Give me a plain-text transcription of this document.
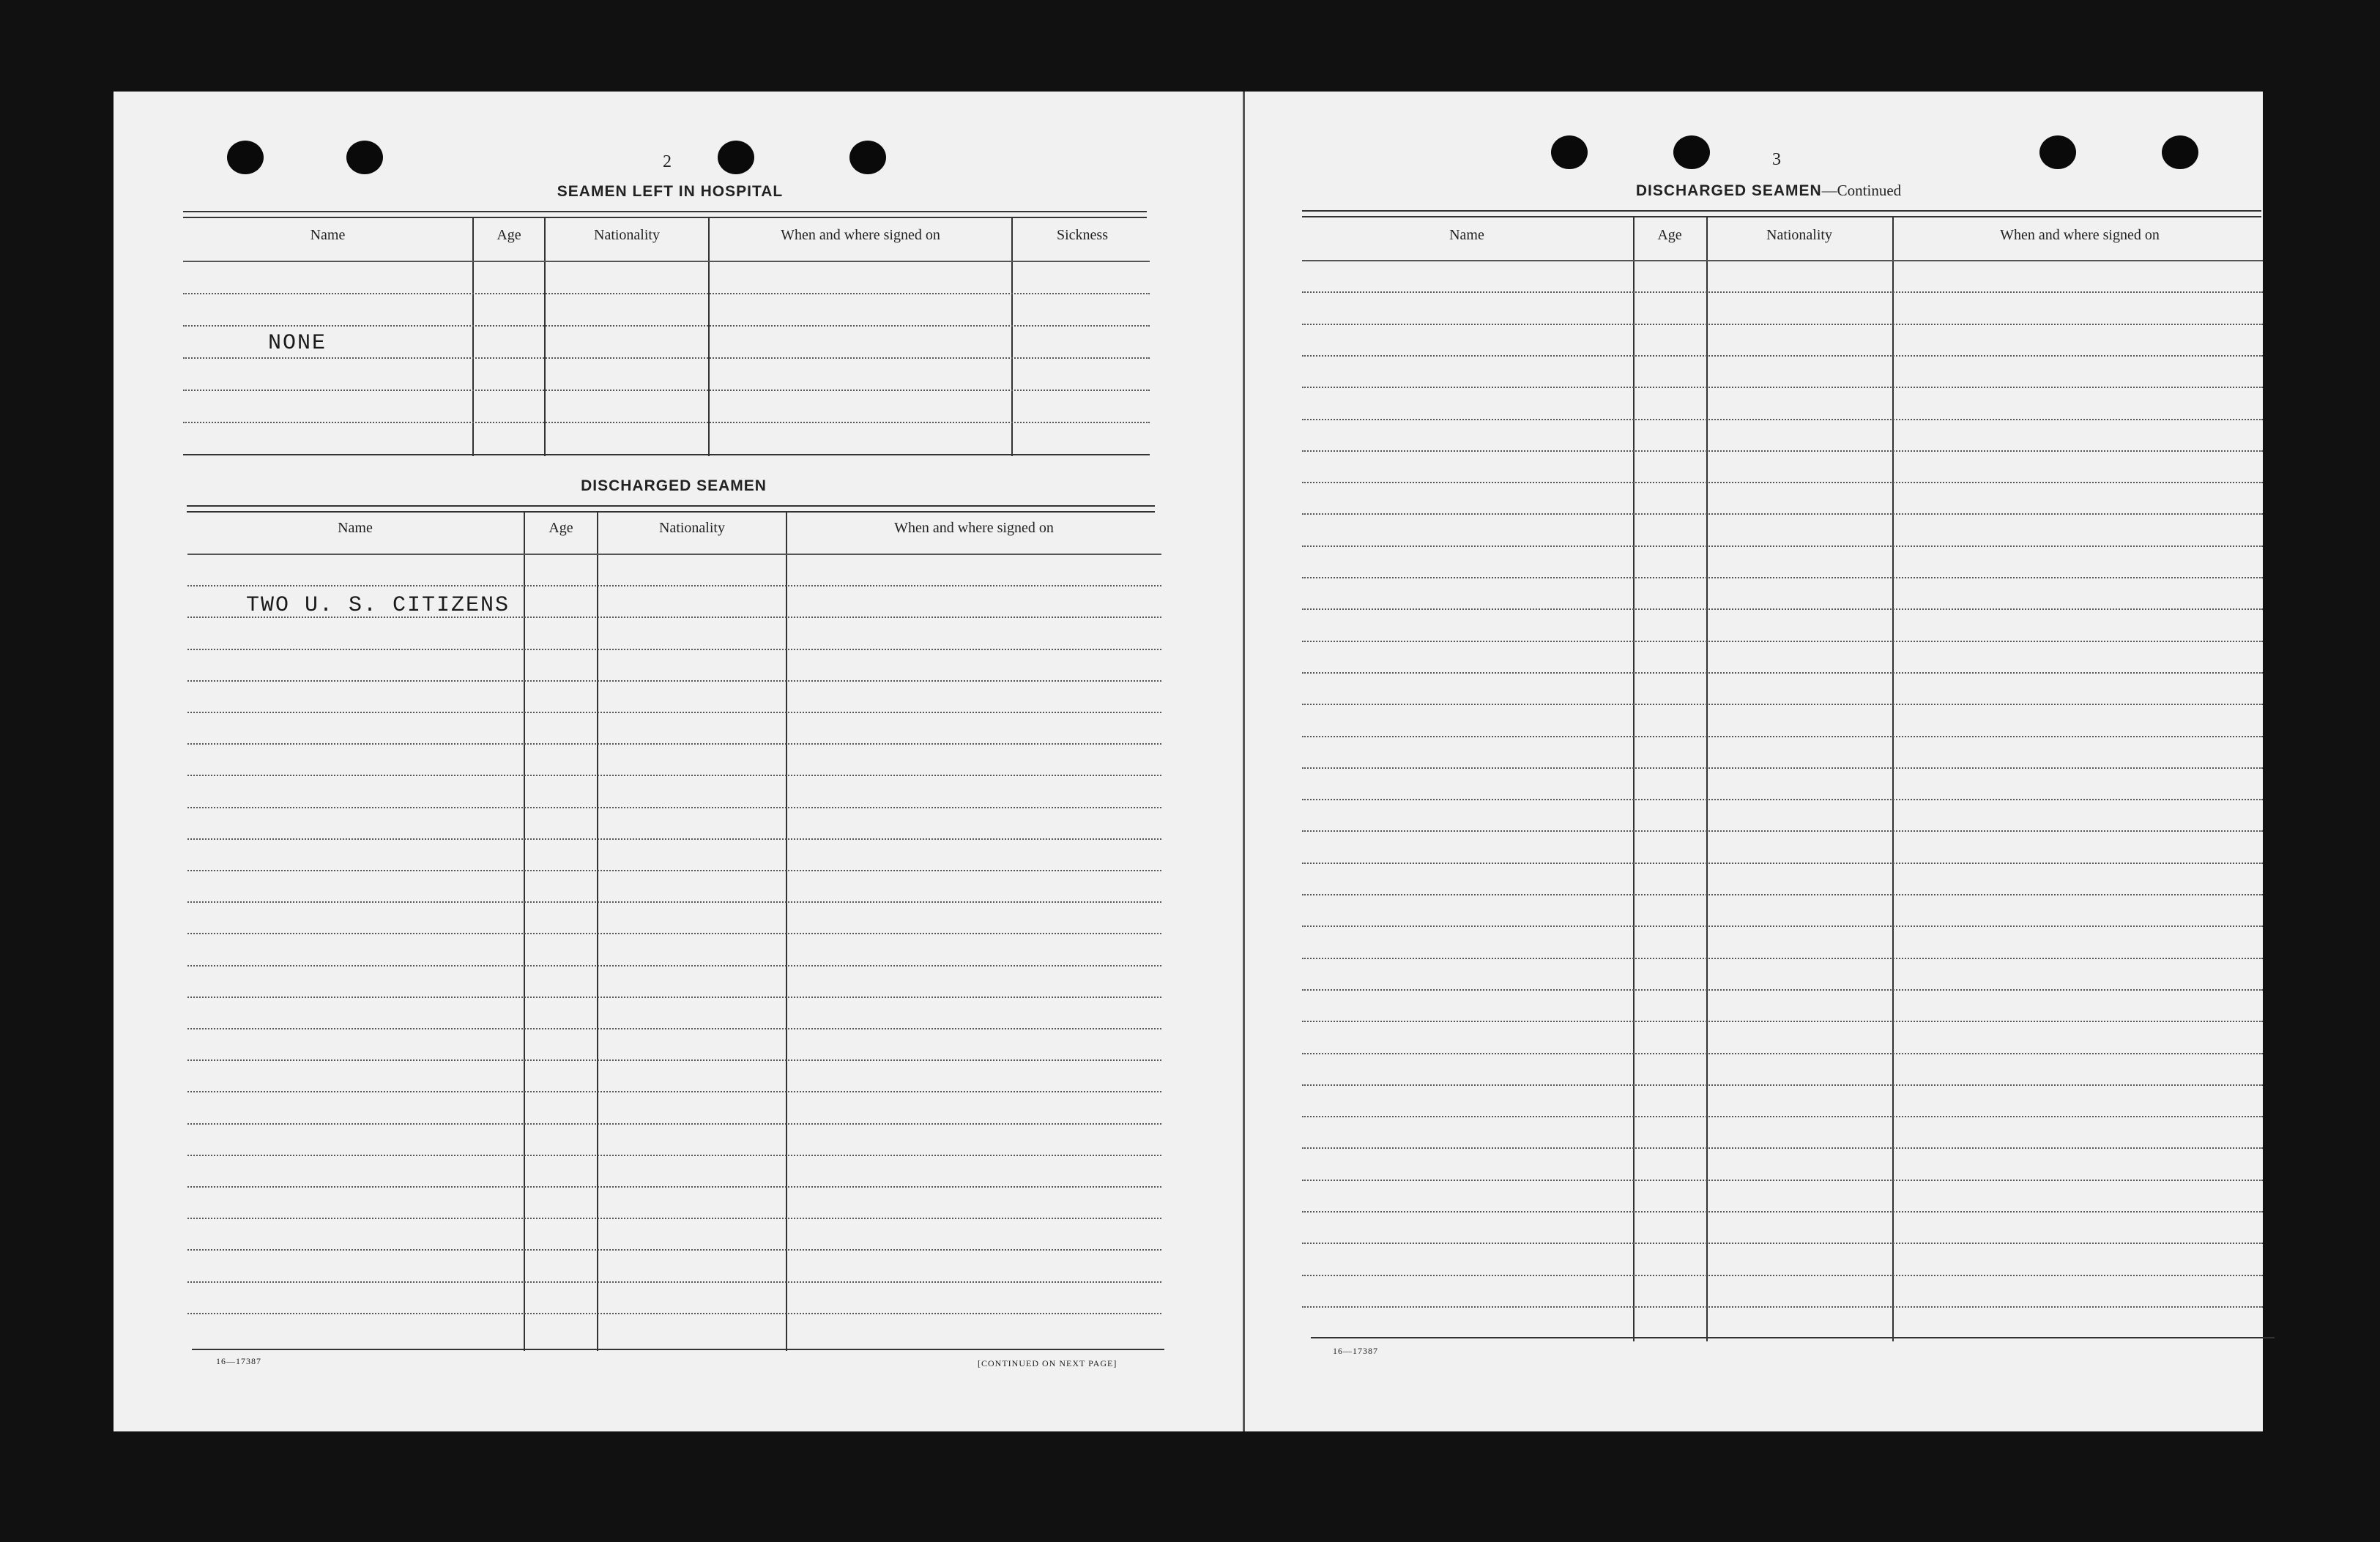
2
SEAMEN LEFT IN HOSPITAL
Name	Age	Nationality	When and where signed on	Sickness
NONE
DISCHARGED SEAMEN
Name	Age	Nationality	When and where signed on
TWO U. S. CITIZENS
16—17387	[CONTINUED ON NEXT PAGE]
3
DISCHARGED SEAMEN—Continued
Name	Age	Nationality	When and where signed on
16—17387
